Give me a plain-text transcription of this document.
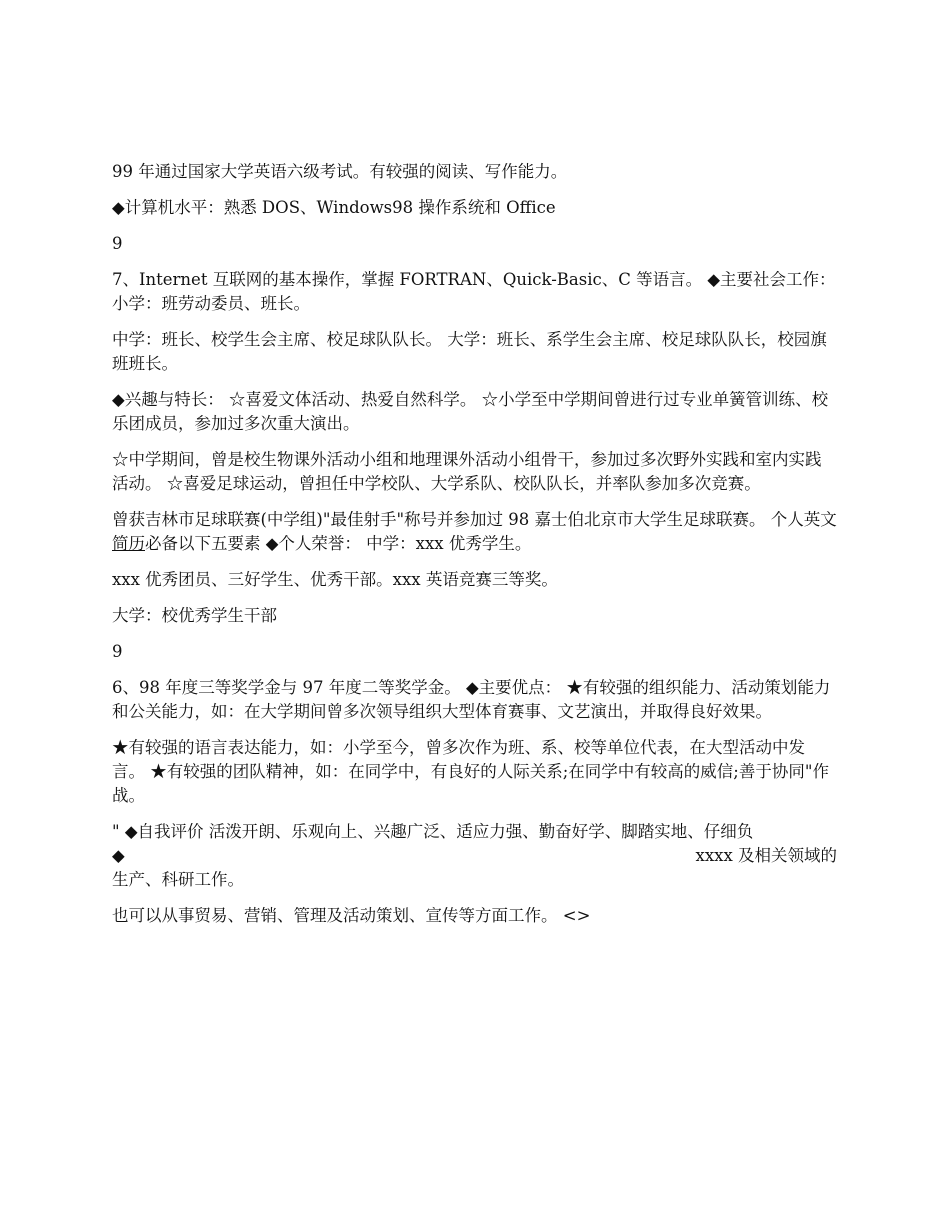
99 年通过国家大学英语六级考试。有较强的阅读、写作能力。

◆计算机水平：熟悉 DOS、Windows98 操作系统和 Office

9

7、Internet 互联网的基本操作，掌握 FORTRAN、Quick-Basic、C 等语言。 ◆主要社会工作： 小学：班劳动委员、班长。

中学：班长、校学生会主席、校足球队队长。 大学：班长、系学生会主席、校足球队队长，校园旗班班长。

◆兴趣与特长： ☆喜爱文体活动、热爱自然科学。 ☆小学至中学期间曾进行过专业单簧管训练、校乐团成员，参加过多次重大演出。

☆中学期间，曾是校生物课外活动小组和地理课外活动小组骨干，参加过多次野外实践和室内实践活动。 ☆喜爱足球运动，曾担任中学校队、大学系队、校队队长，并率队参加多次竞赛。

曾获吉林市足球联赛(中学组)"最佳射手"称号并参加过 98 嘉士伯北京市大学生足球联赛。 个人英文简历必备以下五要素 ◆个人荣誉： 中学：xxx 优秀学生。

xxx 优秀团员、三好学生、优秀干部。xxx 英语竞赛三等奖。

大学：校优秀学生干部

9

6、98 年度三等奖学金与 97 年度二等奖学金。 ◆主要优点： ★有较强的组织能力、活动策划能力和公关能力，如：在大学期间曾多次领导组织大型体育赛事、文艺演出，并取得良好效果。

★有较强的语言表达能力，如：小学至今，曾多次作为班、系、校等单位代表，在大型活动中发言。 ★有较强的团队精神，如：在同学中，有良好的人际关系;在同学中有较高的威信;善于协同"作战。

" ◆自我评价 活泼开朗、乐观向上、兴趣广泛、适应力强、勤奋好学、脚踏实地、仔细负
◆	xxxx 及相关领域的
生产、科研工作。

也可以从事贸易、营销、管理及活动策划、宣传等方面工作。 <>
